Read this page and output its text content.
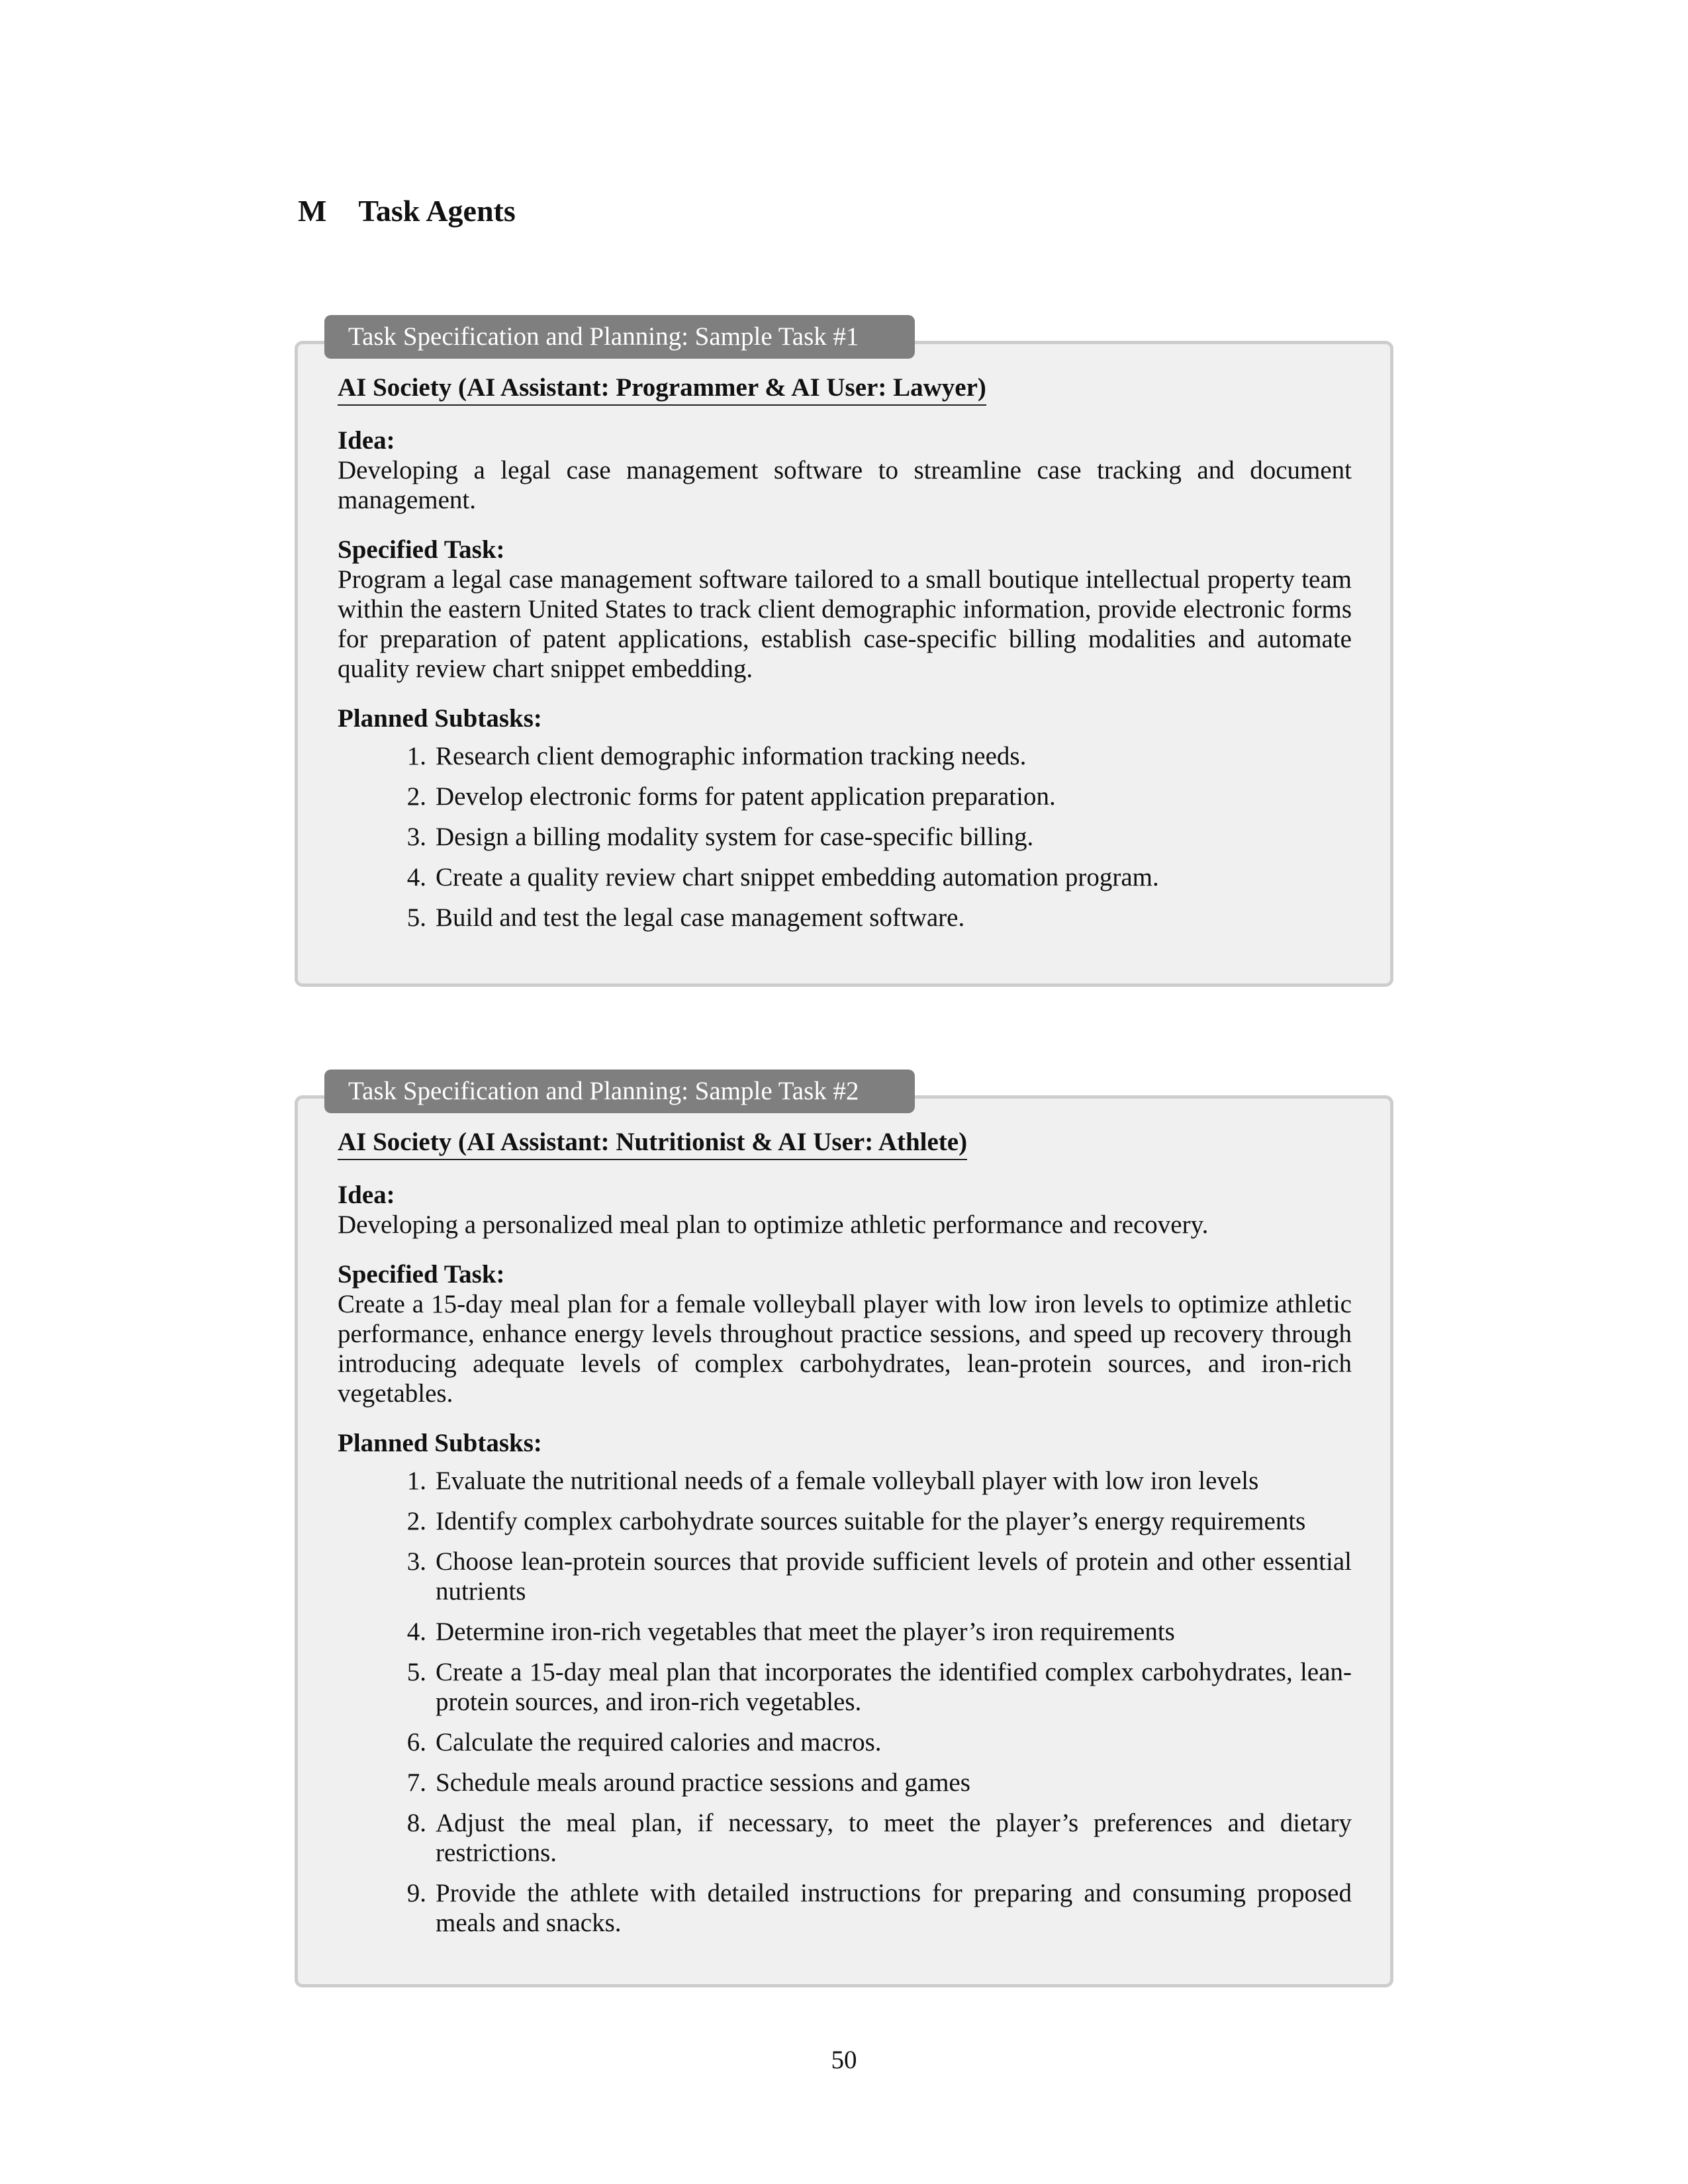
M Task Agents
Task Specification and Planning: Sample Task #1
AI Society (AI Assistant: Programmer & AI User: Lawyer)
Idea:
Developing a legal case management software to streamline case tracking and document management.
Specified Task:
Program a legal case management software tailored to a small boutique intellectual property team within the eastern United States to track client demographic information, provide electronic forms for preparation of patent applications, establish case-specific billing modalities and automate quality review chart snippet embedding.
Planned Subtasks:
1. Research client demographic information tracking needs.
2. Develop electronic forms for patent application preparation.
3. Design a billing modality system for case-specific billing.
4. Create a quality review chart snippet embedding automation program.
5. Build and test the legal case management software.
Task Specification and Planning: Sample Task #2
AI Society (AI Assistant: Nutritionist & AI User: Athlete)
Idea:
Developing a personalized meal plan to optimize athletic performance and recovery.
Specified Task:
Create a 15-day meal plan for a female volleyball player with low iron levels to optimize athletic performance, enhance energy levels throughout practice sessions, and speed up recovery through introducing adequate levels of complex carbohydrates, lean-protein sources, and iron-rich vegetables.
Planned Subtasks:
1. Evaluate the nutritional needs of a female volleyball player with low iron levels
2. Identify complex carbohydrate sources suitable for the player’s energy requirements
3. Choose lean-protein sources that provide sufficient levels of protein and other essential nutrients
4. Determine iron-rich vegetables that meet the player’s iron requirements
5. Create a 15-day meal plan that incorporates the identified complex carbohydrates, lean-protein sources, and iron-rich vegetables.
6. Calculate the required calories and macros.
7. Schedule meals around practice sessions and games
8. Adjust the meal plan, if necessary, to meet the player’s preferences and dietary restrictions.
9. Provide the athlete with detailed instructions for preparing and consuming proposed meals and snacks.
50
